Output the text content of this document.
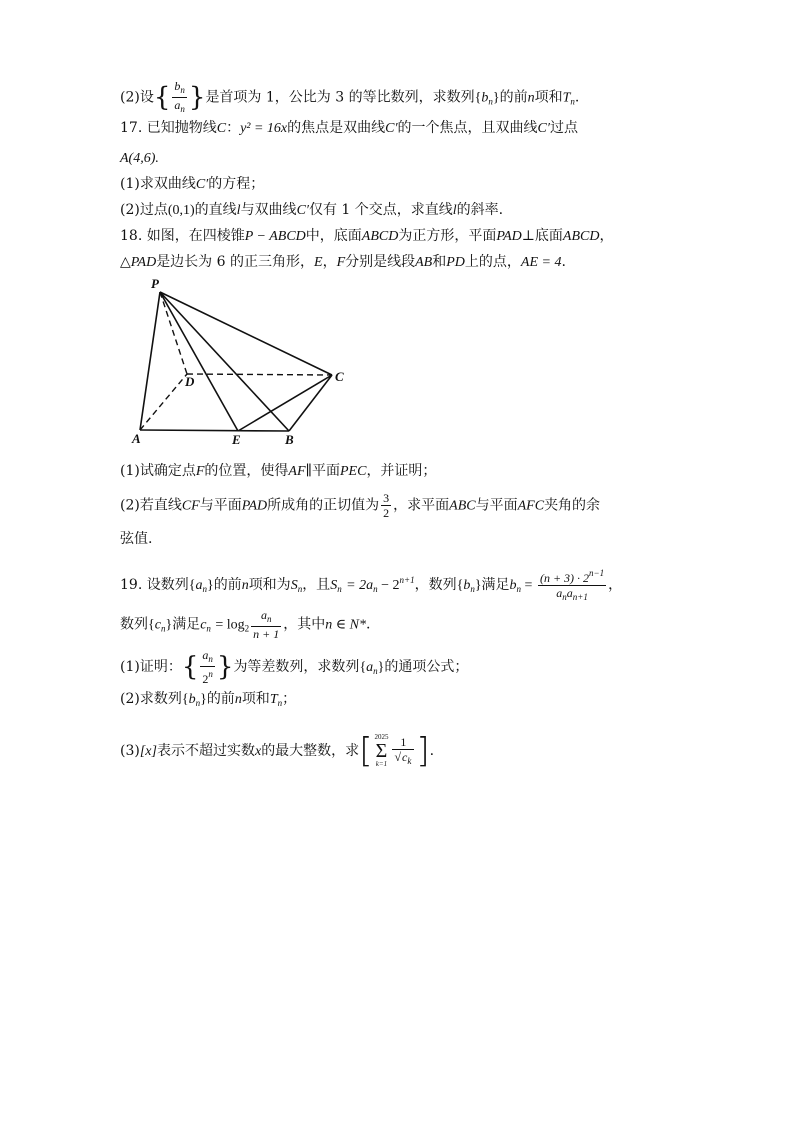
(2)设{ $\frac{b_n}{a_n}$ }是首项为 1，公比为 3 的等比数列，求数列$\{b_n\}$的前n项和$T_n$.
17. 已知抛物线C：y² = 16x的焦点是双曲线C′的一个焦点，且双曲线C′过点
A(4,6).
(1)求双曲线C′的方程；
(2)过点(0,1)的直线l与双曲线C′仅有 1 个交点，求直线l的斜率.
18. 如图，在四棱锥P − ABCD中，底面ABCD为正方形，平面PAD⊥底面ABCD，
△PAD是边长为 6 的正三角形，E，F分别是线段AB和PD上的点，AE = 4.
P
D	C
A	E	B
(1)试确定点F的位置，使得AF∥平面PEC，并证明；
(2)若直线CF与平面PAD所成角的正切值为 $\frac{3}{2}$ ，求平面ABC与平面AFC夹角的余
弦值.
19. 设数列$\{a_n\}$的前n项和为$S_n$，且$S_n = 2a_n - 2^{n+1}$，数列$\{b_n\}$满足$b_n = \frac{(n + 3) \cdot 2^{n-1}}{a_na_{n+1}}$ ，
数列$\{c_n\}$满足$c_n = \log_2 \frac{a_n}{n + 1}$ ，其中n ∈ N*.
(1)证明：{ $\frac{a_n}{2^n}$ }为等差数列，求数列$\{a_n\}$的通项公式；
(2)求数列$\{b_n\}$的前n项和$T_n$；
(3)[x]表示不超过实数x的最大整数，求[ 2025
Σ
$k=1 \frac{1}{√c_k}$ ].
